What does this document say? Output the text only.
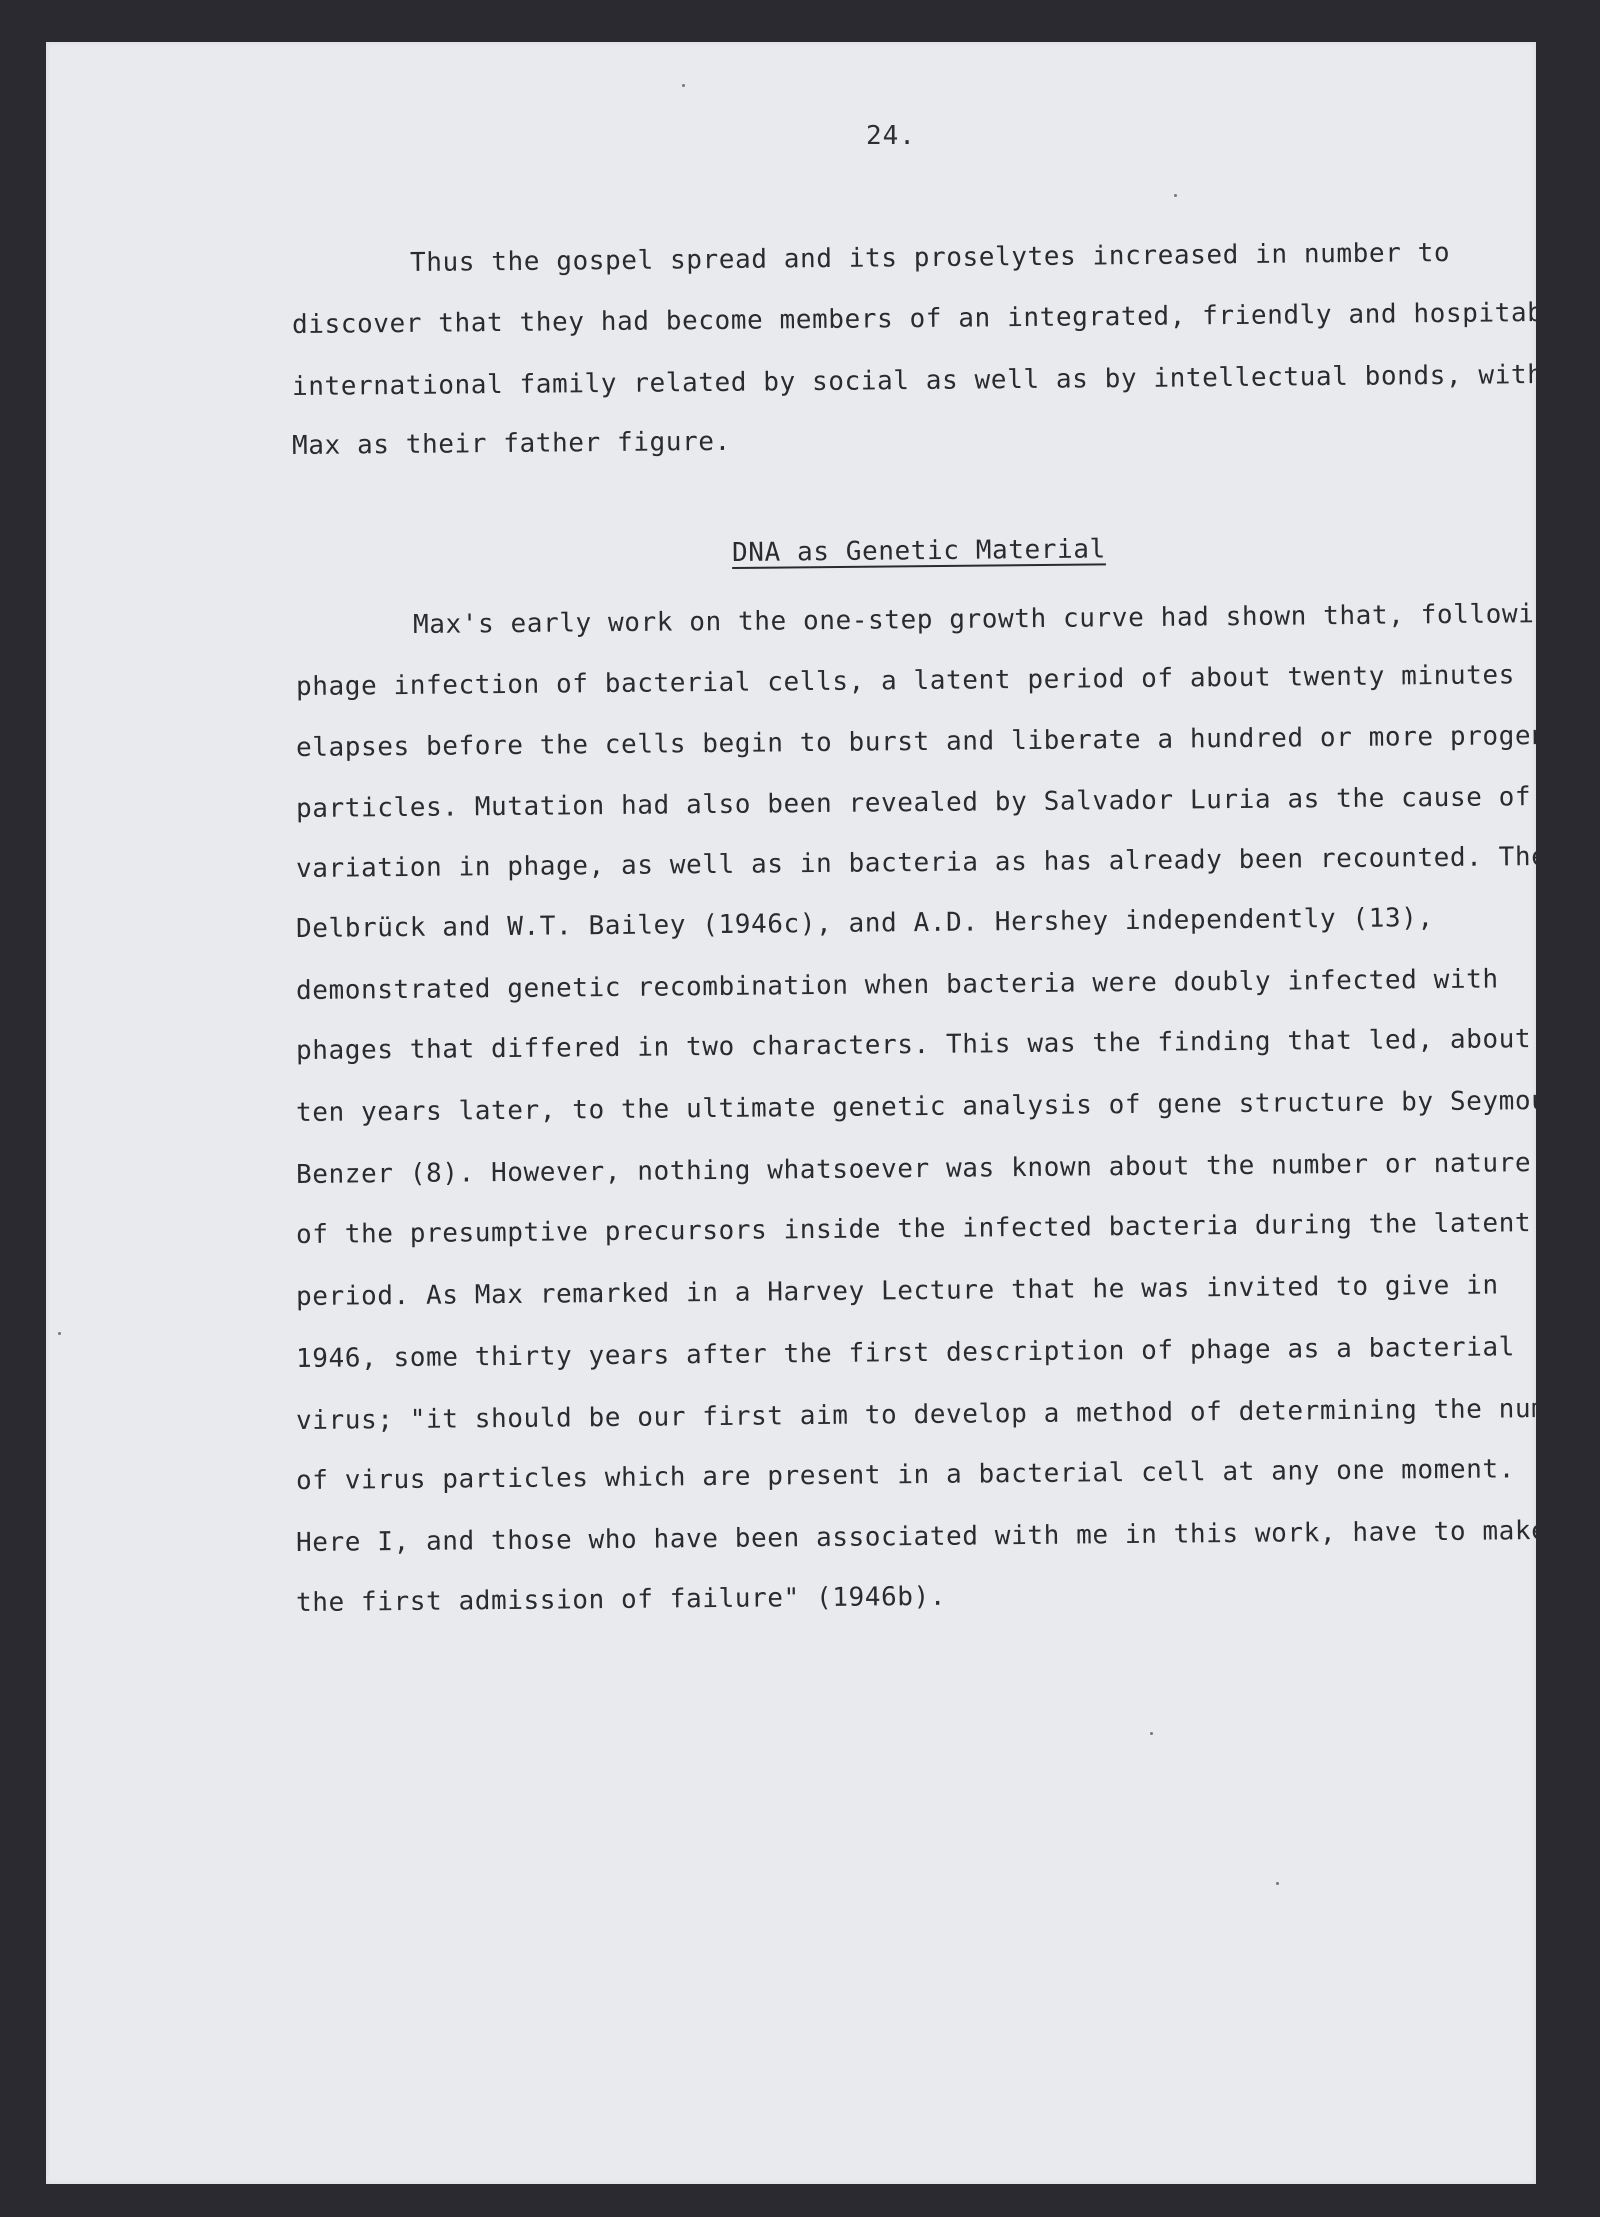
24.
Thus the gospel spread and its proselytes increased in number to
discover that they had become members of an integrated, friendly and hospitable
international family related by social as well as by intellectual bonds, with
Max as their father figure.
DNA as Genetic Material
Max's early work on the one-step growth curve had shown that, following
phage infection of bacterial cells, a latent period of about twenty minutes
elapses before the cells begin to burst and liberate a hundred or more progeny
particles. Mutation had also been revealed by Salvador Luria as the cause of
variation in phage, as well as in bacteria as has already been recounted. Then
Delbrück and W.T. Bailey (1946c), and A.D. Hershey independently (13),
demonstrated genetic recombination when bacteria were doubly infected with
phages that differed in two characters. This was the finding that led, about
ten years later, to the ultimate genetic analysis of gene structure by Seymour
Benzer (8). However, nothing whatsoever was known about the number or nature
of the presumptive precursors inside the infected bacteria during the latent
period. As Max remarked in a Harvey Lecture that he was invited to give in
1946, some thirty years after the first description of phage as a bacterial
virus; "it should be our first aim to develop a method of determining the number
of virus particles which are present in a bacterial cell at any one moment.
Here I, and those who have been associated with me in this work, have to make
the first admission of failure" (1946b).
